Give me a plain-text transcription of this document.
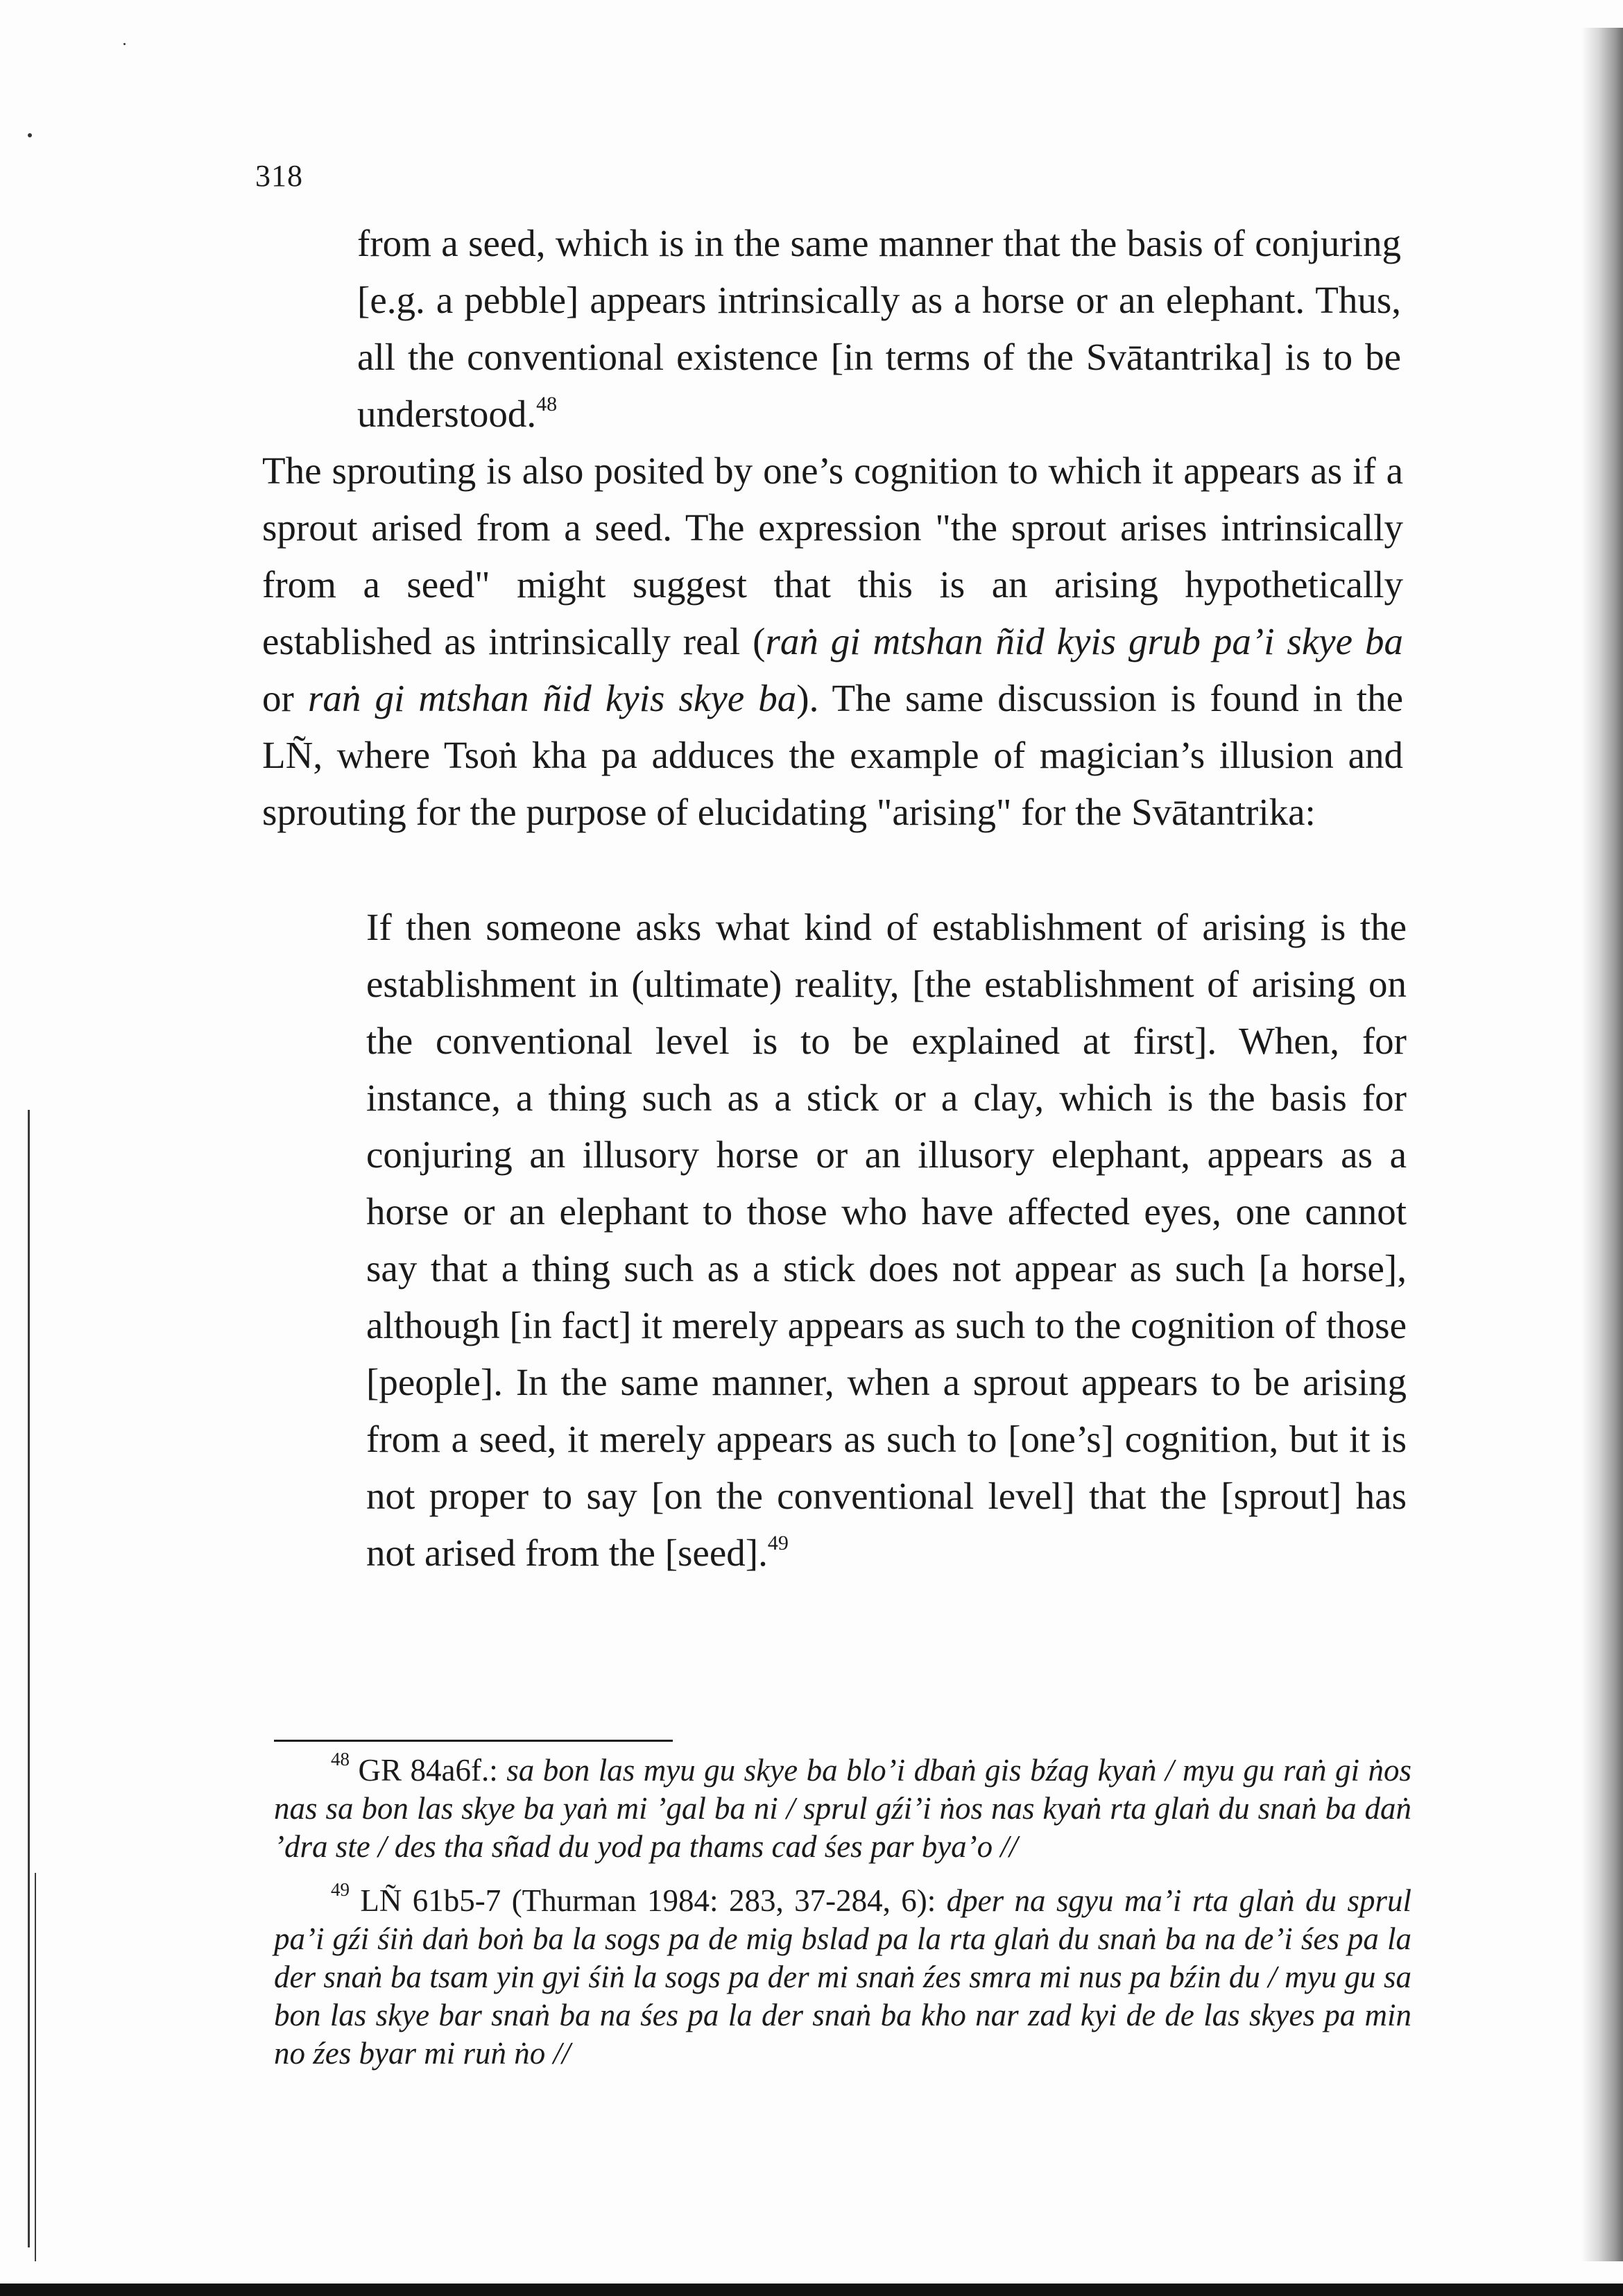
318
from a seed, which is in the same manner that the basis of conjuring [e.g. a pebble] appears intrinsically as a horse or an elephant. Thus, all the conventional existence [in terms of the Svātantrika] is to be understood.$^{48}$
The sprouting is also posited by one’s cognition to which it appears as if a sprout arised from a seed. The expression "the sprout arises intrinsically from a seed" might suggest that this is an arising hypothetically established as intrinsically real (raṅ gi mtshan ñid kyis grub pa’i skye ba or raṅ gi mtshan ñid kyis skye ba). The same discussion is found in the LÑ, where Tsoṅ kha pa adduces the example of magician’s illusion and sprouting for the purpose of elucidating "arising" for the Svātantrika:
If then someone asks what kind of establishment of arising is the establishment in (ultimate) reality, [the establishment of arising on the conventional level is to be explained at first]. When, for instance, a thing such as a stick or a clay, which is the basis for conjuring an illusory horse or an illusory elephant, appears as a horse or an elephant to those who have affected eyes, one cannot say that a thing such as a stick does not appear as such [a horse], although [in fact] it merely appears as such to the cognition of those [people]. In the same manner, when a sprout appears to be arising from a seed, it merely appears as such to [one’s] cognition, but it is not proper to say [on the conventional level] that the [sprout] has not arised from the [seed].$^{49}$
$^{48}$ GR 84a6f.: sa bon las myu gu skye ba blo’i dbaṅ gis bźag kyaṅ / myu gu raṅ gi ṅos nas sa bon las skye ba yaṅ mi ’gal ba ni / sprul gźi’i ṅos nas kyaṅ rta glaṅ du snaṅ ba daṅ ’dra ste / des tha sñad du yod pa thams cad śes par bya’o //
$^{49}$ LÑ 61b5-7 (Thurman 1984: 283, 37-284, 6): dper na sgyu ma’i rta glaṅ du sprul pa’i gźi śiṅ daṅ boṅ ba la sogs pa de mig bslad pa la rta glaṅ du snaṅ ba na de’i śes pa la der snaṅ ba tsam yin gyi śiṅ la sogs pa der mi snaṅ źes smra mi nus pa bźin du / myu gu sa bon las skye bar snaṅ ba na śes pa la der snaṅ ba kho nar zad kyi de de las skyes pa min no źes byar mi ruṅ ṅo //
